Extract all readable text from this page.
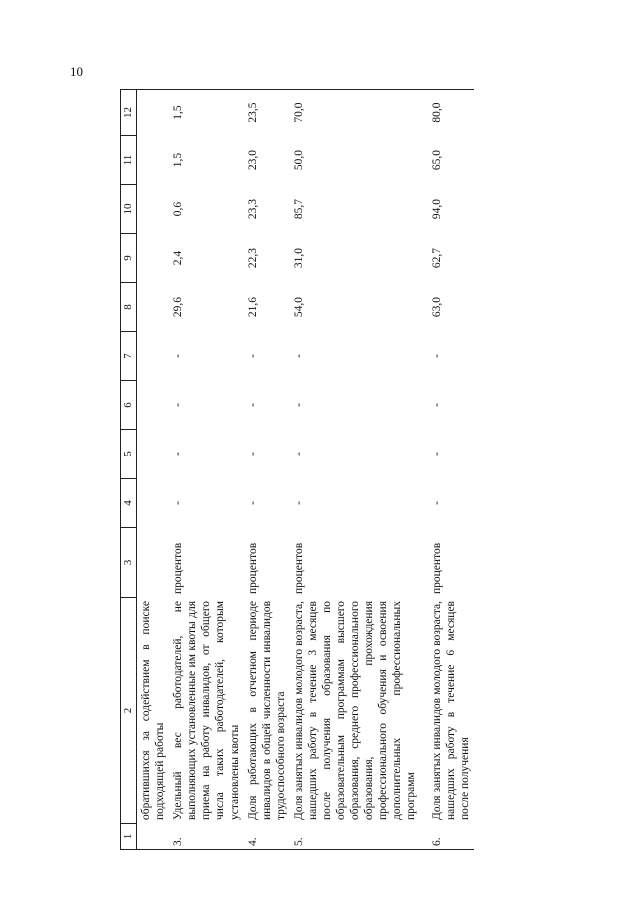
10
1	2	3	4	5	6	7	8	9	10	11	12
	обратившихся за содействием в поиске подходящей работы										
3.	Удельный вес работодателей, не выполняющих установленные им квоты для приема на работу инвалидов, от общего числа таких работодателей, которым установлены квоты	процентов	-	-	-	-	29,6	2,4	0,6	1,5	1,5
4.	Доля работающих в отчетном периоде инвалидов в общей численности инвалидов трудоспособного возраста	процентов	-	-	-	-	21,6	22,3	23,3	23,0	23,5
5.	Доля занятых инвалидов молодого возраста, нашедших работу в течение 3 месяцев после получения образования по образовательным программам высшего образования, среднего профессионального образования, прохождения профессионального обучения и освоения дополнительных профессиональных программ	процентов	-	-	-	-	54,0	31,0	85,7	50,0	70,0
6.	Доля занятых инвалидов молодого возраста, нашедших работу в течение 6 месяцев после получения	процентов	-	-	-	-	63,0	62,7	94,0	65,0	80,0
